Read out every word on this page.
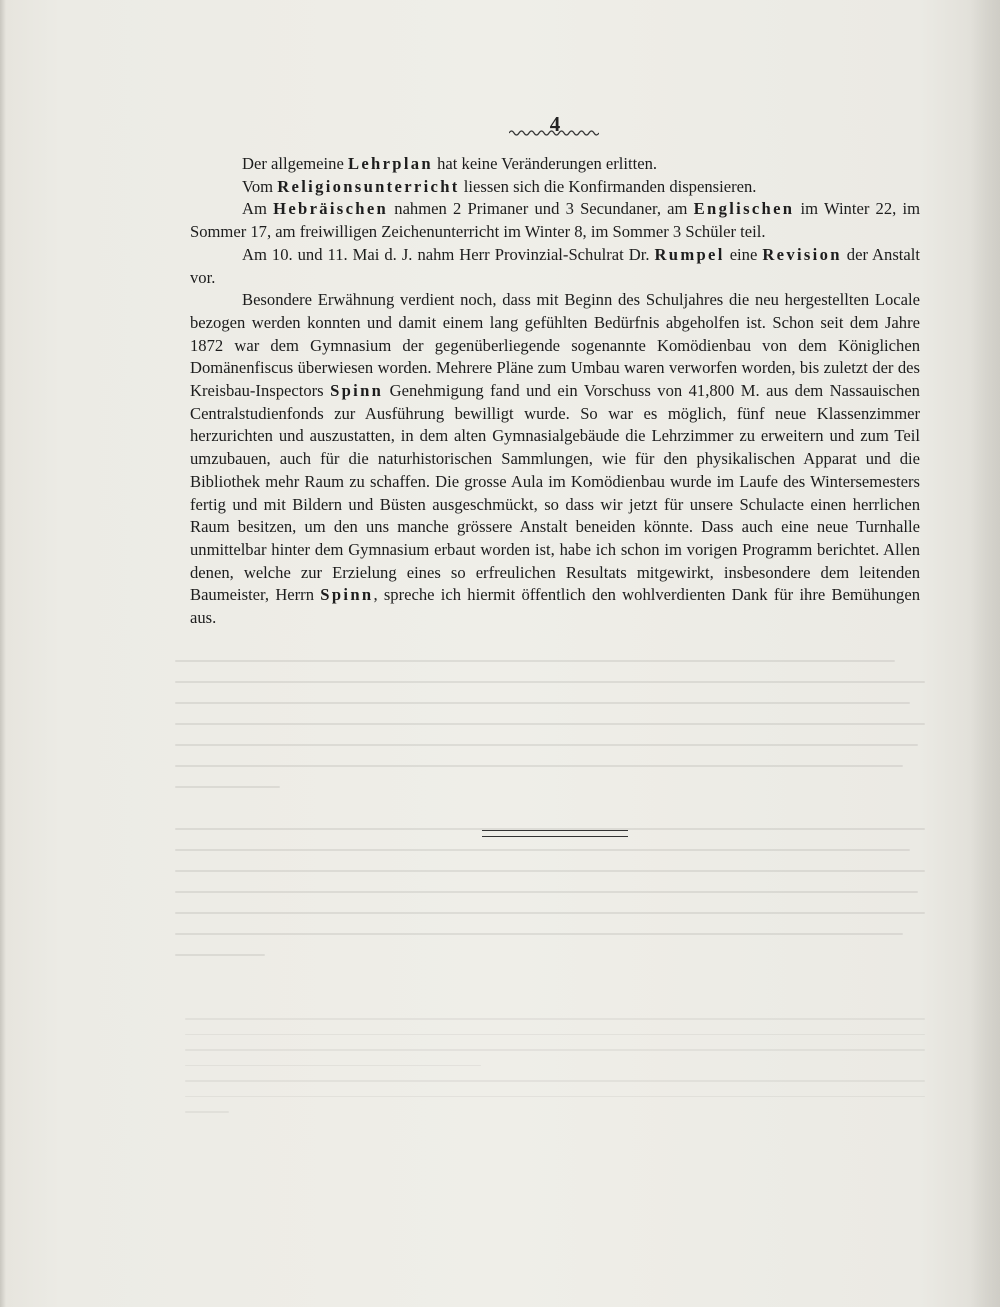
4

Der allgemeine Lehrplan hat keine Veränderungen erlitten.

Vom Religionsunterricht liessen sich die Konfirmanden dispensieren.

Am Hebräischen nahmen 2 Primaner und 3 Secundaner, am Englischen im Winter 22, im Sommer 17, am freiwilligen Zeichenunterricht im Winter 8, im Sommer 3 Schüler teil.

Am 10. und 11. Mai d. J. nahm Herr Provinzial-Schulrat Dr. Rumpel eine Revision der Anstalt vor.

Besondere Erwähnung verdient noch, dass mit Beginn des Schuljahres die neu hergestellten Locale bezogen werden konnten und damit einem lang gefühlten Bedürfnis abgeholfen ist. Schon seit dem Jahre 1872 war dem Gymnasium der gegenüberliegende sogenannte Komödienbau von dem Königlichen Domänenfiscus überwiesen worden. Mehrere Pläne zum Umbau waren verworfen worden, bis zuletzt der des Kreisbau-Inspectors Spinn Genehmigung fand und ein Vorschuss von 41,800 M. aus dem Nassauischen Centralstudienfonds zur Ausführung bewilligt wurde. So war es möglich, fünf neue Klassenzimmer herzurichten und auszustatten, in dem alten Gymnasialgebäude die Lehrzimmer zu erweitern und zum Teil umzubauen, auch für die naturhistorischen Sammlungen, wie für den physikalischen Apparat und die Bibliothek mehr Raum zu schaffen. Die grosse Aula im Komödienbau wurde im Laufe des Wintersemesters fertig und mit Bildern und Büsten ausgeschmückt, so dass wir jetzt für unsere Schulacte einen herrlichen Raum besitzen, um den uns manche grössere Anstalt beneiden könnte. Dass auch eine neue Turnhalle unmittelbar hinter dem Gymnasium erbaut worden ist, habe ich schon im vorigen Programm berichtet. Allen denen, welche zur Erzielung eines so erfreulichen Resultats mitgewirkt, insbesondere dem leitenden Baumeister, Herrn Spinn, spreche ich hiermit öffentlich den wohlverdienten Dank für ihre Bemühungen aus.
